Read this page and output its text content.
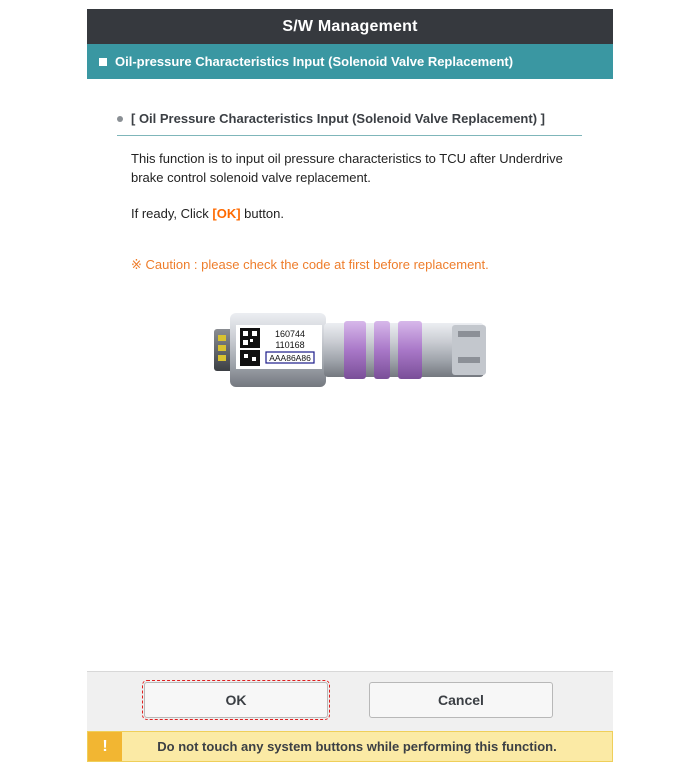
S/W Management
Oil-pressure Characteristics Input (Solenoid Valve Replacement)
[ Oil Pressure Characteristics Input (Solenoid Valve Replacement) ]
This function is to input oil pressure characteristics to TCU after Underdrive brake control solenoid valve replacement.
If ready, Click [OK] button.
※ Caution : please check the code at first before replacement.
160744
110168
AAA86A86
OK	Cancel
!	Do not touch any system buttons while performing this function.
